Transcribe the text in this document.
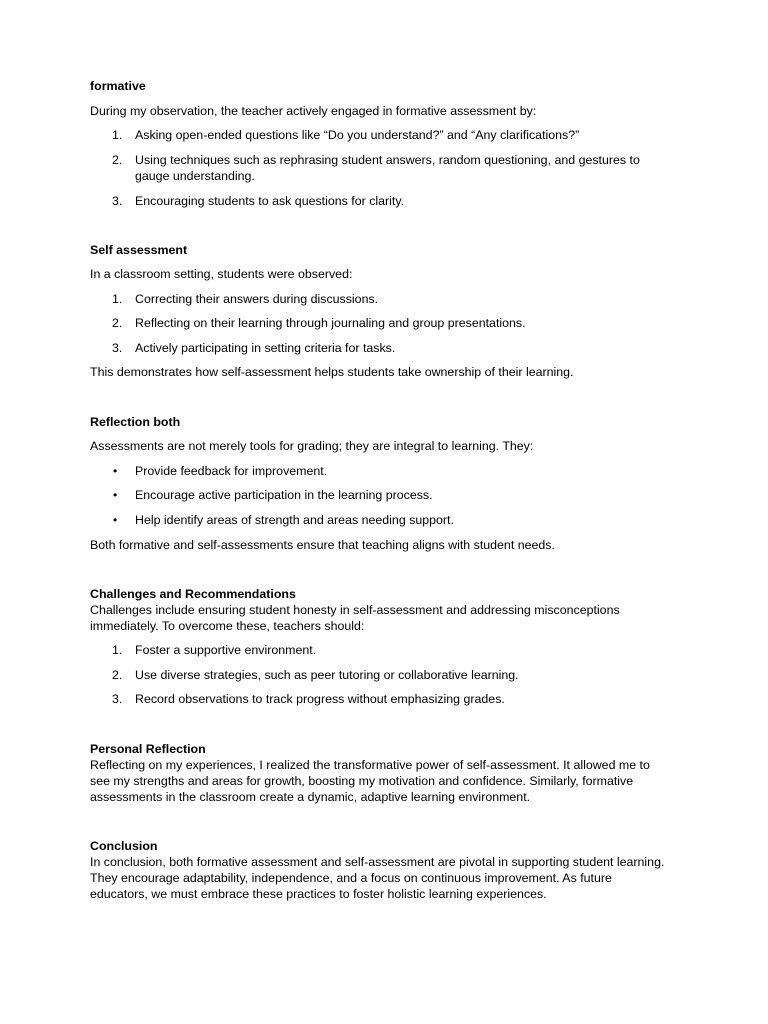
formative

During my observation, the teacher actively engaged in formative assessment by:

1. Asking open-ended questions like “Do you understand?” and “Any clarifications?”
2. Using techniques such as rephrasing student answers, random questioning, and gestures to
gauge understanding.
3. Encouraging students to ask questions for clarity.
Self assessment

In a classroom setting, students were observed:

1. Correcting their answers during discussions.
2. Reflecting on their learning through journaling and group presentations.
3. Actively participating in setting criteria for tasks.

This demonstrates how self-assessment helps students take ownership of their learning.

Reflection both

Assessments are not merely tools for grading; they are integral to learning. They:

• Provide feedback for improvement.
• Encourage active participation in the learning process.
• Help identify areas of strength and areas needing support.

Both formative and self-assessments ensure that teaching aligns with student needs.

Challenges and Recommendations

Challenges include ensuring student honesty in self-assessment and addressing misconceptions

immediately. To overcome these, teachers should:

1. Foster a supportive environment.
2. Use diverse strategies, such as peer tutoring or collaborative learning.
3. Record observations to track progress without emphasizing grades.
Personal Reflection

Reflecting on my experiences, I realized the transformative power of self-assessment. It allowed me to

see my strengths and areas for growth, boosting my motivation and confidence. Similarly, formative

assessments in the classroom create a dynamic, adaptive learning environment.

Conclusion

In conclusion, both formative assessment and self-assessment are pivotal in supporting student learning.

They encourage adaptability, independence, and a focus on continuous improvement. As future

educators, we must embrace these practices to foster holistic learning experiences.
